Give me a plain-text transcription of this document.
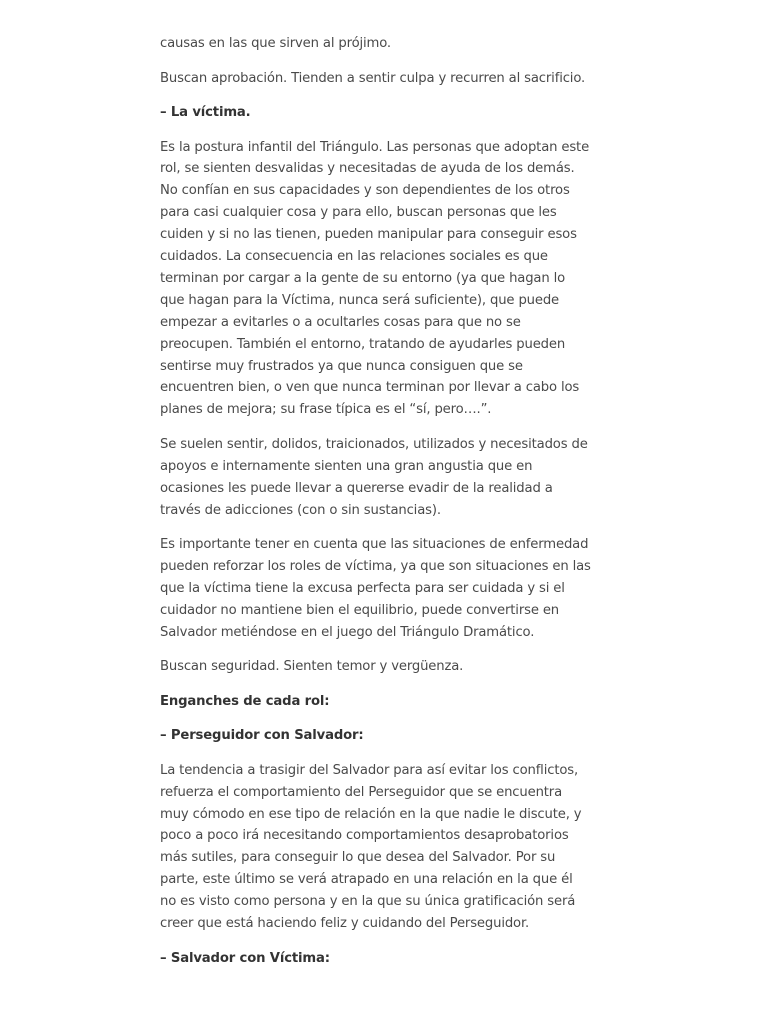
causas en las que sirven al prójimo.

Buscan aprobación. Tienden a sentir culpa y recurren al sacrificio.

– La víctima.

Es la postura infantil del Triángulo. Las personas que adoptan este rol, se sienten desvalidas y necesitadas de ayuda de los demás. No confían en sus capacidades y son dependientes de los otros para casi cualquier cosa y para ello, buscan personas que les cuiden y si no las tienen, pueden manipular para conseguir esos cuidados. La consecuencia en las relaciones sociales es que terminan por cargar a la gente de su entorno (ya que hagan lo que hagan para la Víctima, nunca será suficiente), que puede empezar a evitarles o a ocultarles cosas para que no se preocupen. También el entorno, tratando de ayudarles pueden sentirse muy frustrados ya que nunca consiguen que se encuentren bien, o ven que nunca terminan por llevar a cabo los planes de mejora; su frase típica es el “sí, pero….”.

Se suelen sentir, dolidos, traicionados, utilizados y necesitados de apoyos e internamente sienten una gran angustia que en ocasiones les puede llevar a quererse evadir de la realidad a través de adicciones (con o sin sustancias).

Es importante tener en cuenta que las situaciones de enfermedad pueden reforzar los roles de víctima, ya que son situaciones en las que la víctima tiene la excusa perfecta para ser cuidada y si el cuidador no mantiene bien el equilibrio, puede convertirse en Salvador metiéndose en el juego del Triángulo Dramático.

Buscan seguridad. Sienten temor y vergüenza.

Enganches de cada rol:

– Perseguidor con Salvador:

La tendencia a trasigir del Salvador para así evitar los conflictos, refuerza el comportamiento del Perseguidor que se encuentra muy cómodo en ese tipo de relación en la que nadie le discute, y poco a poco irá necesitando comportamientos desaprobatorios más sutiles, para conseguir lo que desea del Salvador. Por su parte, este último se verá atrapado en una relación en la que él no es visto como persona y en la que su única gratificación será creer que está haciendo feliz y cuidando del Perseguidor.

– Salvador con Víctima:
